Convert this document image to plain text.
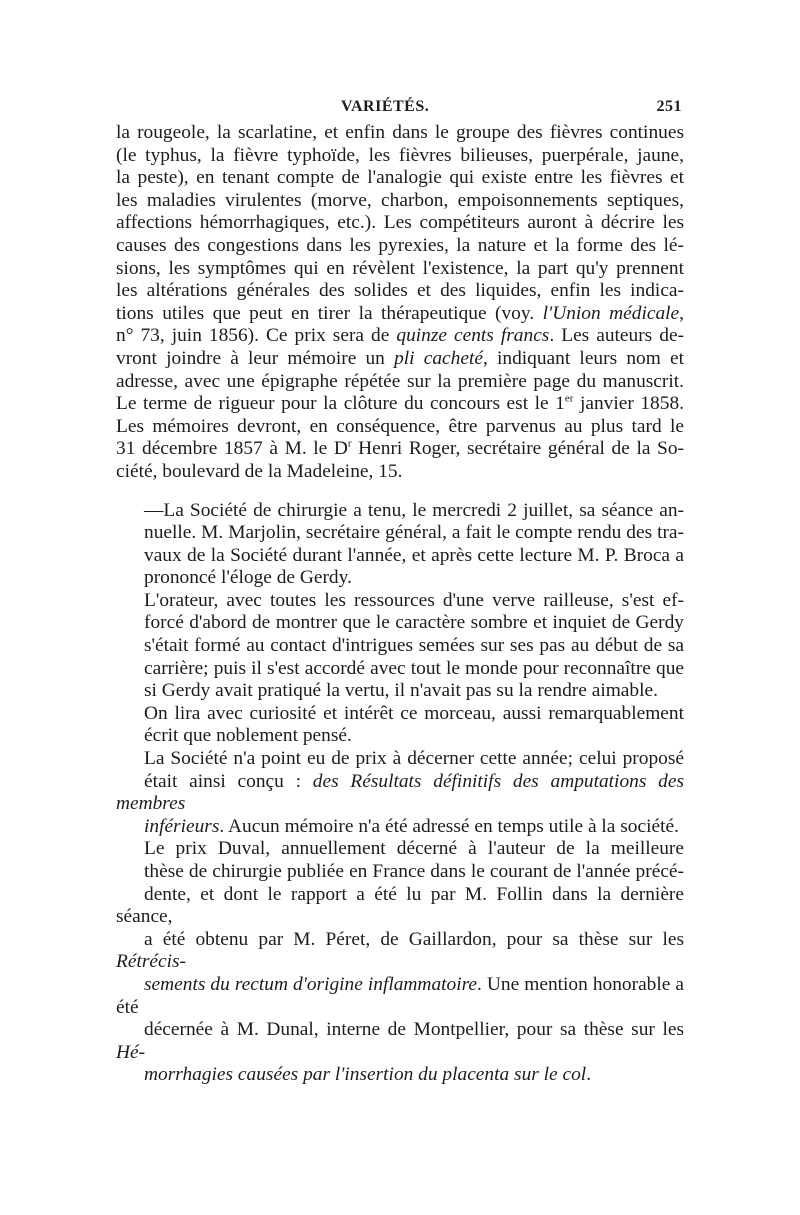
VARIÉTÉS.	251
la rougeole, la scarlatine, et enfin dans le groupe des fièvres continues
(le typhus, la fièvre typhoïde, les fièvres bilieuses, puerpérale, jaune,
la peste), en tenant compte de l'analogie qui existe entre les fièvres et
les maladies virulentes (morve, charbon, empoisonnements septiques,
affections hémorrhagiques, etc.). Les compétiteurs auront à décrire les
causes des congestions dans les pyrexies, la nature et la forme des lé-
sions, les symptômes qui en révèlent l'existence, la part qu'y prennent
les altérations générales des solides et des liquides, enfin les indica-
tions utiles que peut en tirer la thérapeutique (voy. l'Union médicale,
n° 73, juin 1856). Ce prix sera de quinze cents francs. Les auteurs de-
vront joindre à leur mémoire un pli cacheté, indiquant leurs nom et
adresse, avec une épigraphe répétée sur la première page du manuscrit.
Le terme de rigueur pour la clôture du concours est le 1er janvier 1858.
Les mémoires devront, en conséquence, être parvenus au plus tard le
31 décembre 1857 à M. le $D^r$ Henri Roger, secrétaire général de la So-
ciété, boulevard de la Madeleine, 15.
—La Société de chirurgie a tenu, le mercredi 2 juillet, sa séance an-
nuelle. M. Marjolin, secrétaire général, a fait le compte rendu des tra-
vaux de la Société durant l'année, et après cette lecture M. P. Broca a
prononcé l'éloge de Gerdy.
L'orateur, avec toutes les ressources d'une verve railleuse, s'est ef-
forcé d'abord de montrer que le caractère sombre et inquiet de Gerdy
s'était formé au contact d'intrigues semées sur ses pas au début de sa
carrière; puis il s'est accordé avec tout le monde pour reconnaître que
si Gerdy avait pratiqué la vertu, il n'avait pas su la rendre aimable.
On lira avec curiosité et intérêt ce morceau, aussi remarquablement
écrit que noblement pensé.
La Société n'a point eu de prix à décerner cette année; celui proposé
était ainsi conçu : des Résultats définitifs des amputations des membres
inférieurs. Aucun mémoire n'a été adressé en temps utile à la société.
Le prix Duval, annuellement décerné à l'auteur de la meilleure
thèse de chirurgie publiée en France dans le courant de l'année précé-
dente, et dont le rapport a été lu par M. Follin dans la dernière séance,
a été obtenu par M. Péret, de Gaillardon, pour sa thèse sur les Rétrécis-
sements du rectum d'origine inflammatoire. Une mention honorable a été
décernée à M. Dunal, interne de Montpellier, pour sa thèse sur les Hé-
morrhagies causées par l'insertion du placenta sur le col.
